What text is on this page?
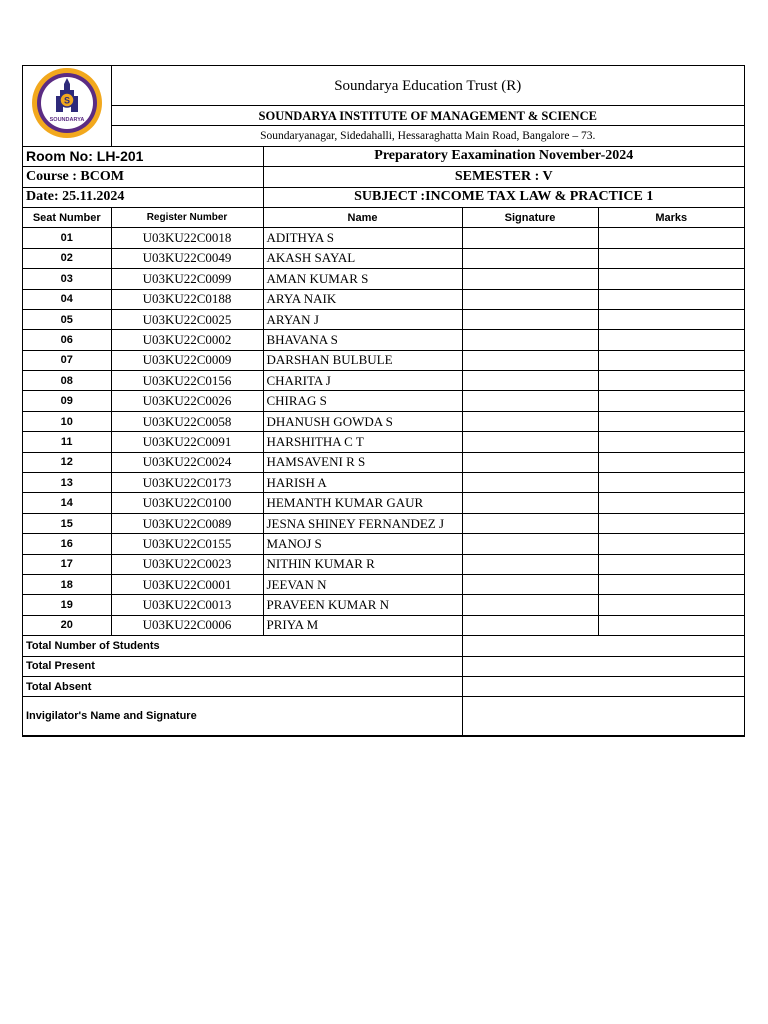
S
SOUNDARYA	Soundarya Education Trust (R)			
	SOUNDARYA INSTITUTE OF MANAGEMENT & SCIENCE			
	Soundaryanagar, Sidedahalli, Hessaraghatta Main Road, Bangalore – 73.			
Room No: LH-201		Preparatory Eaxamination November-2024		
Course : BCOM		SEMESTER : V		
Date: 25.11.2024		SUBJECT :INCOME TAX LAW & PRACTICE 1		
Seat Number	Register Number	Name	Signature	Marks
01	U03KU22C0018	ADITHYA S		
02	U03KU22C0049	AKASH SAYAL		
03	U03KU22C0099	AMAN KUMAR S		
04	U03KU22C0188	ARYA NAIK		
05	U03KU22C0025	ARYAN J		
06	U03KU22C0002	BHAVANA S		
07	U03KU22C0009	DARSHAN BULBULE		
08	U03KU22C0156	CHARITA J		
09	U03KU22C0026	CHIRAG S		
10	U03KU22C0058	DHANUSH GOWDA S		
11	U03KU22C0091	HARSHITHA C T		
12	U03KU22C0024	HAMSAVENI R S		
13	U03KU22C0173	HARISH A		
14	U03KU22C0100	HEMANTH KUMAR GAUR		
15	U03KU22C0089	JESNA SHINEY FERNANDEZ J		
16	U03KU22C0155	MANOJ S		
17	U03KU22C0023	NITHIN KUMAR R		
18	U03KU22C0001	JEEVAN N		
19	U03KU22C0013	PRAVEEN KUMAR N		
20	U03KU22C0006	PRIYA M		
Total Number of Students				
Total Present				
Total Absent				
Invigilator's Name and Signature				
